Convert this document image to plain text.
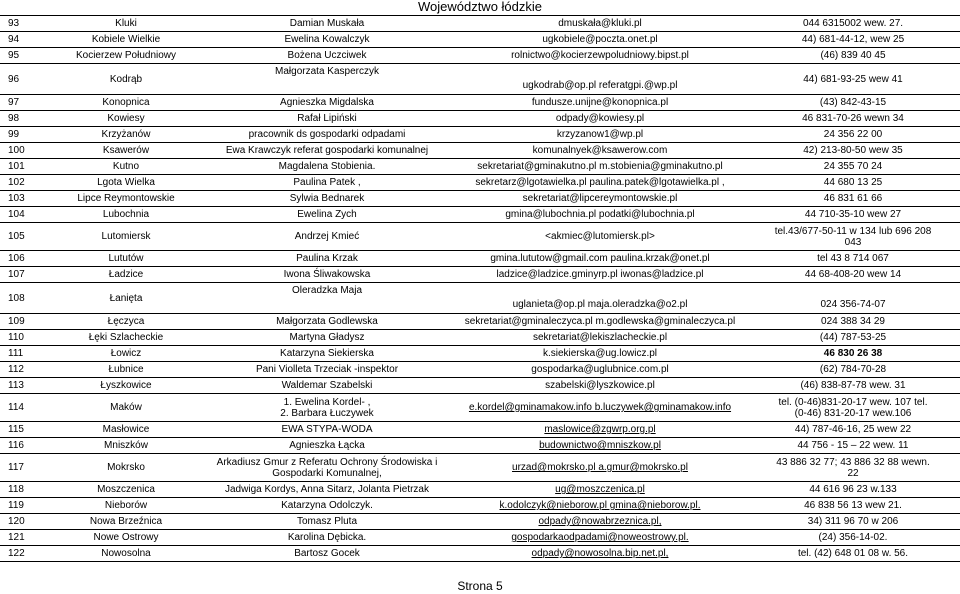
Województwo łódzkie
93	Kluki	Damian Muskała	dmuskała@kluki.pl	044 6315002 wew. 27.
94	Kobiele Wielkie	Ewelina Kowalczyk	ugkobiele@poczta.onet.pl	44) 681-44-12, wew 25
95	Kocierzew Południowy	Bożena Uczciwek	rolnictwo@kocierzewpoludniowy.bipst.pl	(46) 839 40 45
96	Kodrąb	Małgorzata Kasperczyk	ugkodrab@op.pl referatgpi.@wp.pl	44) 681-93-25 wew 41
97	Konopnica	Agnieszka Migdalska	fundusze.unijne@konopnica.pl	(43) 842-43-15
98	Kowiesy	Rafał Lipiński	odpady@kowiesy.pl	46 831-70-26 wewn 34
99	Krzyżanów	pracownik ds gospodarki odpadami	krzyzanow1@wp.pl	24 356 22 00
100	Ksawerów	Ewa Krawczyk referat gospodarki komunalnej	komunalnyek@ksawerow.com	42) 213-80-50 wew 35
101	Kutno	Magdalena Stobienia.	sekretariat@gminakutno.pl m.stobienia@gminakutno.pl	24 355 70 24
102	Lgota Wielka	Paulina Patek ,	sekretarz@lgotawielka.pl paulina.patek@lgotawielka.pl ,	44 680 13 25
103	Lipce Reymontowskie	Sylwia Bednarek	sekretariat@lipcereymontowskie.pl	46 831 61 66
104	Lubochnia	Ewelina Zych	gmina@lubochnia.pl podatki@lubochnia.pl	44 710-35-10 wew 27
105	Lutomiersk	Andrzej Kmieć	<akmiec@lutomiersk.pl>	tel.43/677-50-11 w 134 lub 696 208
043

106	Lututów	Paulina Krzak	gmina.lututow@gmail.com paulina.krzak@onet.pl	tel 43 8 714 067
107	Ładzice	Iwona Śliwakowska	ladzice@ladzice.gminyrp.pl iwonas@ladzice.pl	44 68-408-20 wew 14
108	Łanięta	Oleradzka Maja	uglanieta@op.pl maja.oleradzka@o2.pl	024 356-74-07
109	Łęczyca	Małgorzata Godlewska	sekretariat@gminaleczyca.pl m.godlewska@gminaleczyca.pl	024 388 34 29
110	Łęki Szlacheckie	Martyna Gładysz	sekretariat@lekiszlacheckie.pl	(44) 787-53-25
111	Łowicz	Katarzyna Siekierska	k.siekierska@ug.lowicz.pl	46 830 26 38
112	Łubnice	Pani Violleta Trzeciak -inspektor	gospodarka@uglubnice.com.pl	(62) 784-70-28
113	Łyszkowice	Waldemar Szabelski	szabelski@lyszkowice.pl	(46) 838-87-78 wew. 31
114	Maków	1. Ewelina Kordel- ,
2. Barbara Łuczywek	e.kordel@gminamakow.info b.luczywek@gminamakow.info	tel. (0-46)831-20-17 wew. 107 tel.
(0-46) 831-20-17 wew.106

115	Masłowice	EWA STYPA-WODA	maslowice@zgwrp.org.pl	44) 787-46-16, 25 wew 22
116	Mniszków	Agnieszka Łącka	budownictwo@mniszkow.pl	44 756 - 15 – 22 wew. 11
117	Mokrsko	Arkadiusz Gmur z Referatu Ochrony Środowiska i
Gospodarki Komunalnej,	urzad@mokrsko.pl a.gmur@mokrsko.pl	43 886 32 77; 43 886 32 88 wewn.
22

118	Moszczenica	Jadwiga Kordys, Anna Sitarz, Jolanta Pietrzak	ug@moszczenica.pl	44 616 96 23 w.133
119	Nieborów	Katarzyna Odolczyk.	k.odolczyk@nieborow.pl gmina@nieborow.pl.	46 838 56 13 wew 21.
120	Nowa Brzeźnica	Tomasz Pluta	odpady@nowabrzeznica.pl,	34) 311 96 70 w 206
121	Nowe Ostrowy	Karolina Dębicka.	gospodarkaodpadami@noweostrowy.pl.	(24) 356-14-02.
122	Nowosolna	Bartosz Gocek	odpady@nowosolna.bip.net.pl,	tel. (42) 648 01 08 w. 56.
Strona 5
